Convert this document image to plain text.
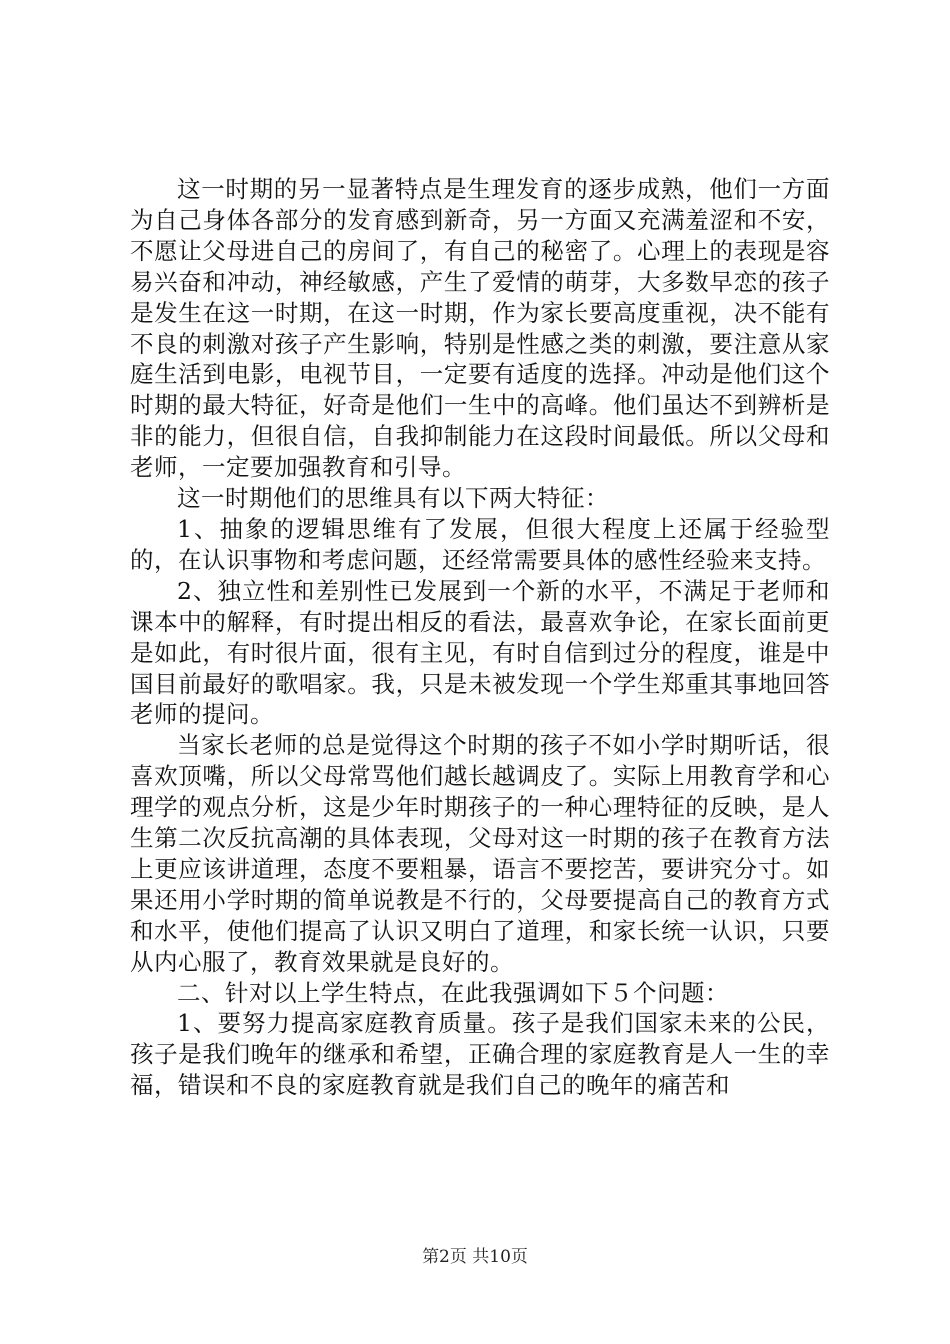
这一时期的另一显著特点是生理发育的逐步成熟，他们一方面为自己身体各部分的发育感到新奇，另一方面又充满羞涩和不安，不愿让父母进自己的房间了，有自己的秘密了。心理上的表现是容易兴奋和冲动，神经敏感，产生了爱情的萌芽，大多数早恋的孩子是发生在这一时期，在这一时期，作为家长要高度重视，决不能有不良的刺激对孩子产生影响，特别是性感之类的刺激，要注意从家庭生活到电影，电视节目，一定要有适度的选择。冲动是他们这个时期的最大特征，好奇是他们一生中的高峰。他们虽达不到辨析是非的能力，但很自信，自我抑制能力在这段时间最低。所以父母和老师，一定要加强教育和引导。

这一时期他们的思维具有以下两大特征：

1、抽象的逻辑思维有了发展，但很大程度上还属于经验型的，在认识事物和考虑问题，还经常需要具体的感性经验来支持。

2、独立性和差别性已发展到一个新的水平，不满足于老师和课本中的解释，有时提出相反的看法，最喜欢争论，在家长面前更是如此，有时很片面，很有主见，有时自信到过分的程度，谁是中国目前最好的歌唱家。我，只是未被发现一个学生郑重其事地回答老师的提问。

当家长老师的总是觉得这个时期的孩子不如小学时期听话，很喜欢顶嘴，所以父母常骂他们越长越调皮了。实际上用教育学和心理学的观点分析，这是少年时期孩子的一种心理特征的反映，是人生第二次反抗高潮的具体表现，父母对这一时期的孩子在教育方法上更应该讲道理，态度不要粗暴，语言不要挖苦，要讲究分寸。如果还用小学时期的简单说教是不行的，父母要提高自己的教育方式和水平，使他们提高了认识又明白了道理，和家长统一认识，只要从内心服了，教育效果就是良好的。

二、针对以上学生特点，在此我强调如下５个问题：

1、要努力提高家庭教育质量。孩子是我们国家未来的公民，孩子是我们晚年的继承和希望，正确合理的家庭教育是人一生的幸福，错误和不良的家庭教育就是我们自己的晚年的痛苦和

第2页 共10页
